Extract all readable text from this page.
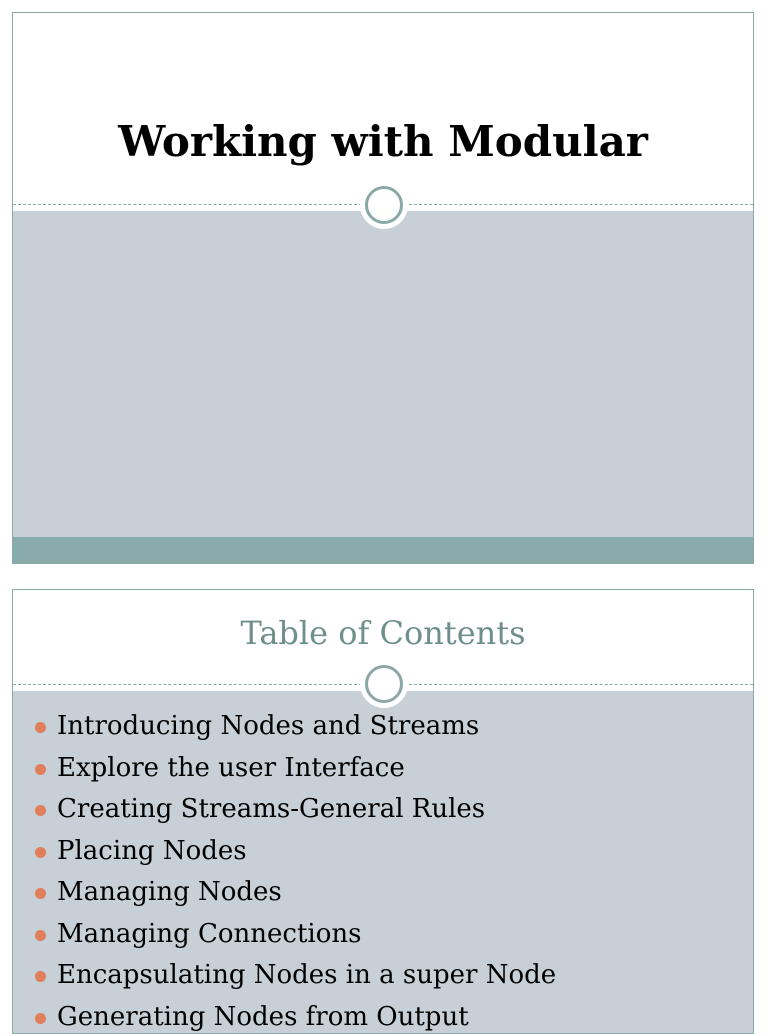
Working with Modular
Table of Contents
Introducing Nodes and Streams
Explore the user Interface
Creating Streams-General Rules
Placing Nodes
Managing Nodes
Managing Connections
Encapsulating Nodes in a super Node
Generating Nodes from Output
